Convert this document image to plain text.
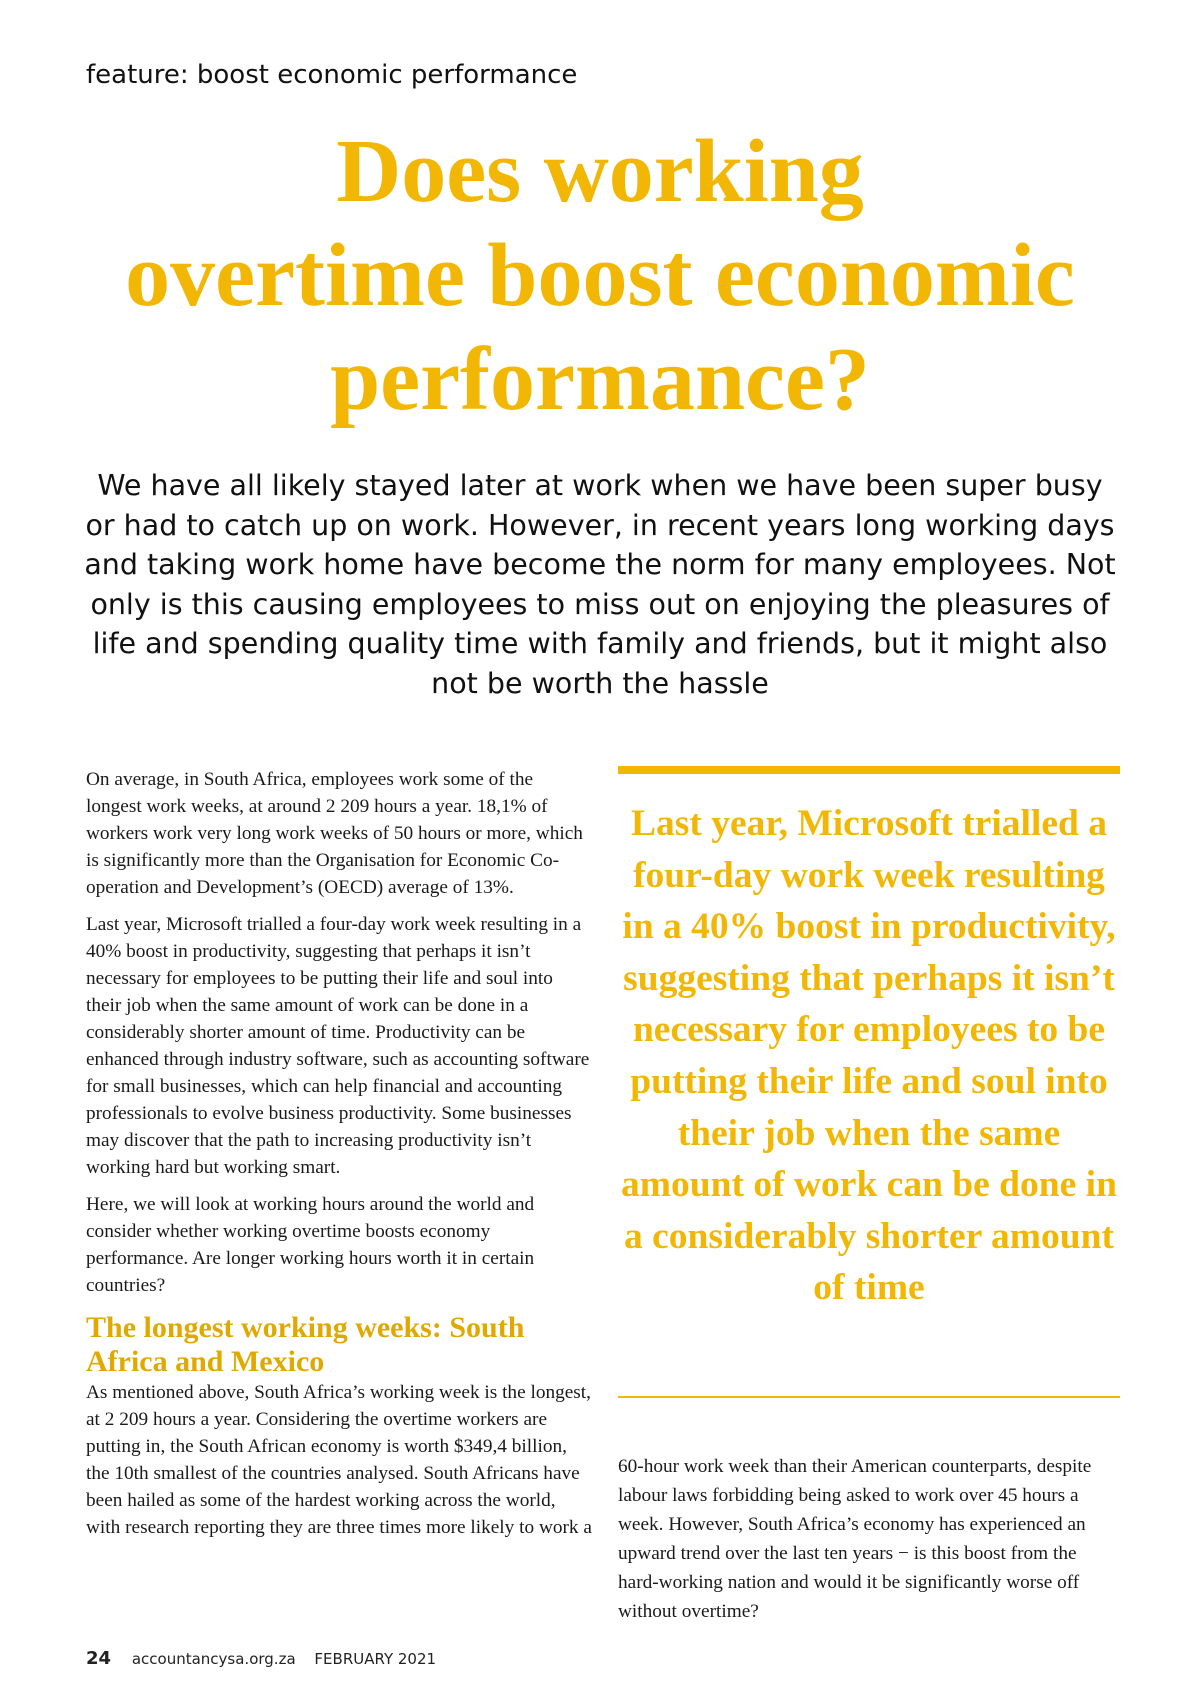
feature: boost economic performance
Does working
overtime boost economic
performance?

We have all likely stayed later at work when we have been super busy or had to catch up on work. However, in recent years long working days and taking work home have become the norm for many employees. Not only is this causing employees to miss out on enjoying the pleasures of life and spending quality time with family and friends, but it might also not be worth the hassle

On average, in South Africa, employees work some of the longest work weeks, at around 2 209 hours a year. 18,1% of workers work very long work weeks of 50 hours or more, which is significantly more than the Organisation for Economic Co-operation and Development’s (OECD) average of 13%.

Last year, Microsoft trialled a four-day work week resulting in a 40% boost in productivity, suggesting that perhaps it isn’t necessary for employees to be putting their life and soul into their job when the same amount of work can be done in a considerably shorter amount of time. Productivity can be enhanced through industry software, such as accounting software for small businesses, which can help financial and accounting professionals to evolve business productivity. Some businesses may discover that the path to increasing productivity isn’t working hard but working smart.

Here, we will look at working hours around the world and consider whether working overtime boosts economy performance. Are longer working hours worth it in certain countries?

The longest working weeks: South Africa and Mexico

As mentioned above, South Africa’s working week is the longest, at 2 209 hours a year. Considering the overtime workers are putting in, the South African economy is worth $349,4 billion, the 10th smallest of the countries analysed. South Africans have been hailed as some of the hardest working across the world, with research reporting they are three times more likely to work a

Last year, Microsoft trialled a four-day work week resulting in a 40% boost in productivity, suggesting that perhaps it isn’t necessary for employees to be putting their life and soul into their job when the same amount of work can be done in a considerably shorter amount of time

60-hour work week than their American counterparts, despite labour laws forbidding being asked to work over 45 hours a week. However, South Africa’s economy has experienced an upward trend over the last ten years − is this boost from the hard-working nation and would it be significantly worse off without overtime?

24 accountancysa.org.za FEBRUARY 2021
